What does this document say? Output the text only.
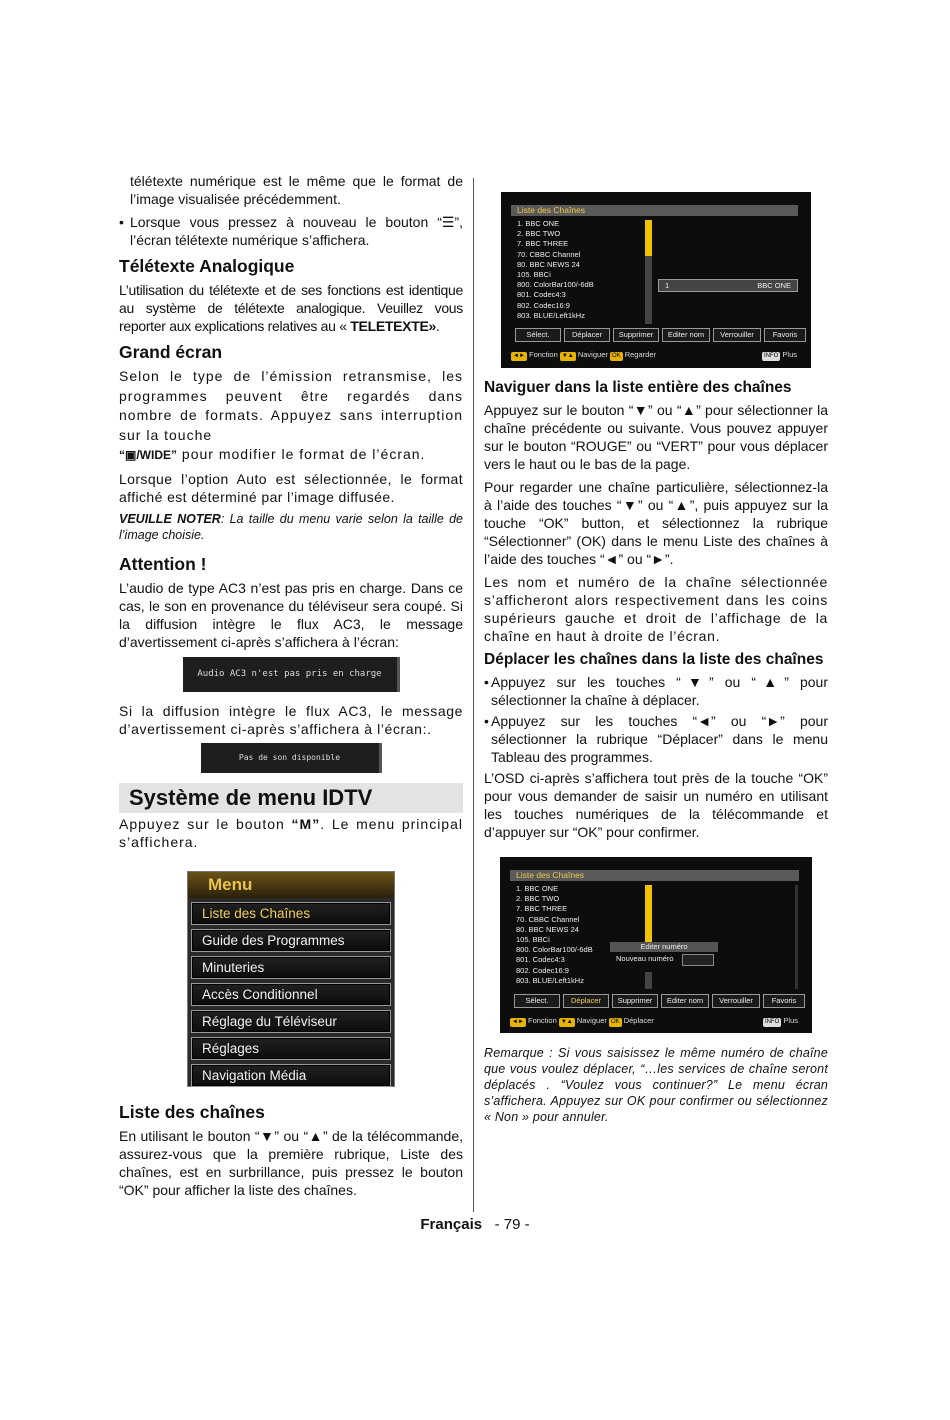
télétexte numérique est le même que le format de l’image visualisée précédemment.

• Lorsque vous pressez à nouveau le bouton “☰”, l’écran télétexte numérique s’affichera.
Télétexte Analogique

L’utilisation du télétexte et de ses fonctions est identique au système de télétexte analogique. Veuillez vous reporter aux explications relatives au « TELETEXTE».

Grand écran

Selon le type de l’émission retransmise, les programmes peuvent être regardés dans nombre de formats. Appuyez sans interruption sur la touche
“▣/WIDE” pour modifier le format de l’écran.

Lorsque l’option Auto est sélectionnée, le format affiché est déterminé par l’image diffusée.

VEUILLE NOTER: La taille du menu varie selon la taille de l’image choisie.

Attention !

L’audio de type AC3 n’est pas pris en charge. Dans ce cas, le son en provenance du téléviseur sera coupé. Si la diffusion intègre le flux AC3, le message d’avertissement ci-après s’affichera à l’écran:

Audio AC3 n'est pas pris en charge

Si la diffusion intègre le flux AC3, le message d’avertissement ci-après s’affichera à l’écran:.

Pas de son disponible
Système de menu IDTV

Appuyez sur le bouton “M”. Le menu principal s’affichera.

Menu
Liste des Chaînes
Guide des Programmes
Minuteries
Accès Conditionnel
Réglage du Téléviseur
Réglages
Navigation Média
Liste des chaînes

En utilisant le bouton “▼” ou “▲” de la télécommande, assurez-vous que la première rubrique, Liste des chaînes, est en surbrillance, puis pressez le bouton “OK” pour afficher la liste des chaînes.

Liste des Chaînes
1. BBC ONE
2. BBC TWO
7. BBC THREE
70. CBBC Channel
80. BBC NEWS 24
105. BBCi
800. ColorBar100/-6dB
801. Codec4:3
802. Codec16:9
803. BLUE/Left1kHz
1	BBC ONE
Sélect.	Déplacer	Supprimer	Editer nom	Verrouiller	Favoris
◄► Fonction ▼▲ Naviguer OK Regarder	INFO Plus
Naviguer dans la liste entière des chaînes

Appuyez sur le bouton “▼” ou “▲” pour sélectionner la chaîne précédente ou suivante. Vous pouvez appuyer sur le bouton “ROUGE” ou “VERT” pour vous déplacer vers le haut ou le bas de la page.

Pour regarder une chaîne particulière, sélectionnez-la à l’aide des touches “▼” ou “▲”, puis appuyez sur la touche “OK” button, et sélectionnez la rubrique “Sélectionner” (OK) dans le menu Liste des chaînes à l’aide des touches “◄” ou “►”.

Les nom et numéro de la chaîne sélectionnée s’afficheront alors respectivement dans les coins supérieurs gauche et droit de l’affichage de la chaîne en haut à droite de l’écran.

Déplacer les chaînes dans la liste des chaînes
• Appuyez sur les touches “▼” ou “▲” pour sélectionner la chaîne à déplacer.
• Appuyez sur les touches “◄” ou “►” pour sélectionner la rubrique “Déplacer” dans le menu Tableau des programmes.

L’OSD ci-après s’affichera tout près de la touche “OK” pour vous demander de saisir un numéro en utilisant les touches numériques de la télécommande et d’appuyer sur “OK” pour confirmer.

Liste des Chaînes
1. BBC ONE
2. BBC TWO
7. BBC THREE
70. CBBC Channel
80. BBC NEWS 24
105. BBCi
800. ColorBar100/-6dB
801. Codec4:3
802. Codec16:9
803. BLUE/Left1kHz
Editer numéro
Nouveau numéro
Sélect.	Déplacer	Supprimer	Editer nom	Verrouiller	Favoris
◄► Fonction ▼▲ Naviguer OK Déplacer	INFO Plus

Remarque : Si vous saisissez le même numéro de chaîne que vous voulez déplacer, “…les services de chaîne seront déplacés . “Voulez vous continuer?” Le menu écran s’affichera. Appuyez sur OK pour confirmer ou sélectionnez « Non » pour annuler.

Français - 79 -
